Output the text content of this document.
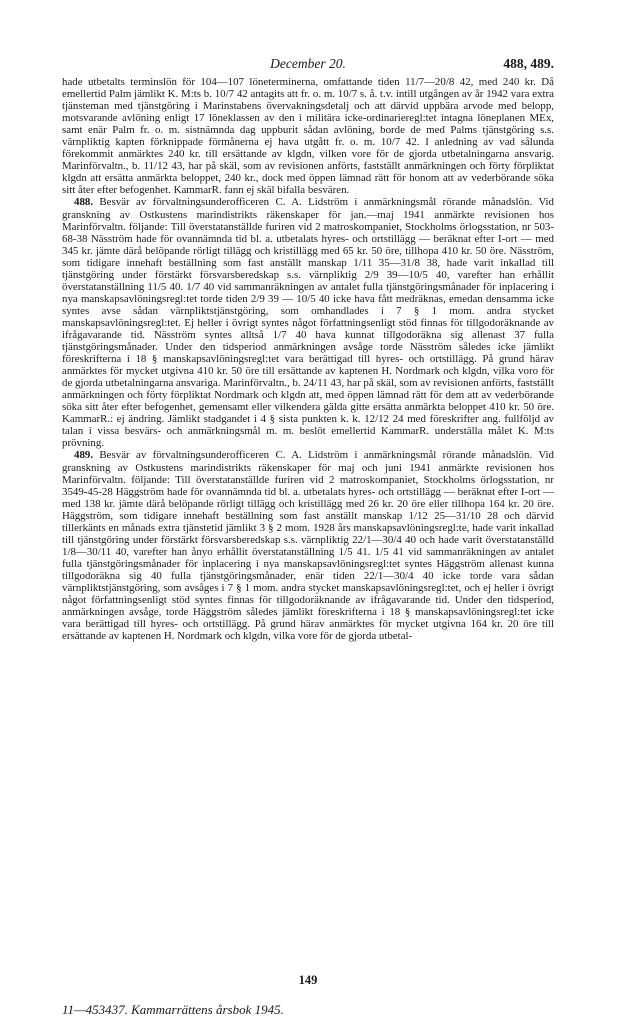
December 20.	488, 489.

hade utbetalts terminslön för 104—107 löneterminerna, omfattande tiden 11/7—20/8 42, med 240 kr. Då emellertid Palm jämlikt K. M:ts b. 10/7 42 antagits att fr. o. m. 10/7 s. å. t.v. intill utgången av år 1942 vara extra tjänsteman med tjänstgöring i Marinstabens övervakningsdetalj och att därvid uppbära arvode med belopp, motsvarande avlöning enligt 17 löneklassen av den i militära icke-ordinarieregl:tet intagna löneplanen MEx, samt enär Palm fr. o. m. sistnämnda dag uppburit sådan avlöning, borde de med Palms tjänstgöring s.s. värnpliktig kapten förknippade förmånerna ej hava utgått fr. o. m. 10/7 42. I anledning av vad sålunda förekommit anmärktes 240 kr. till ersättande av klgdn, vilken vore för de gjorda utbetalningarna ansvarig. Marinförvaltn., b. 11/12 43, har på skäl, som av revisionen anförts, fastställt anmärkningen och förty förpliktat klgdn att ersätta anmärkta beloppet, 240 kr., dock med öppen lämnad rätt för honom att av vederbörande söka sitt åter efter befogenhet. KammarR. fann ej skäl bifalla besvären.

488. Besvär av förvaltningsunderofficeren C. A. Lidström i anmärkningsmål rörande månadslön. Vid granskning av Ostkustens marindistrikts räkenskaper för jan.—maj 1941 anmärkte revisionen hos Marinförvaltn. följande: Till överstatanställde furiren vid 2 matroskompaniet, Stockholms örlogsstation, nr 503-68-38 Näsström hade för ovannämnda tid bl. a. utbetalats hyres- och ortstillägg — beräknat efter I-ort — med 345 kr. jämte därå belöpande rörligt tillägg och kristillägg med 65 kr. 50 öre, tillhopa 410 kr. 50 öre. Näsström, som tidigare innehaft beställning som fast anställt manskap 1/11 35—31/8 38, hade varit inkallad till tjänstgöring under förstärkt försvarsberedskap s.s. värnpliktig 2/9 39—10/5 40, varefter han erhållit överstatanställning 11/5 40. 1/7 40 vid sammanräkningen av antalet fulla tjänstgöringsmånader för inplacering i nya manskapsavlöningsregl:tet torde tiden 2/9 39 — 10/5 40 icke hava fått medräknas, emedan densamma icke syntes avse sådan värnpliktstjänstgöring, som omhandlades i 7 § 1 mom. andra stycket manskapsavlöningsregl:tet. Ej heller i övrigt syntes något författningsenligt stöd finnas för tillgodoräknande av ifrågavarande tid. Näsström syntes alltså 1/7 40 hava kunnat tillgodoräkna sig allenast 37 fulla tjänstgöringsmånader. Under den tidsperiod anmärkningen avsåge torde Näsström således icke jämlikt föreskrifterna i 18 § manskapsavlöningsregl:tet vara berättigad till hyres- och ortstillägg. På grund härav anmärktes för mycket utgivna 410 kr. 50 öre till ersättande av kaptenen H. Nordmark och klgdn, vilka voro för de gjorda utbetalningarna ansvariga. Marinförvaltn., b. 24/11 43, har på skäl, som av revisionen anförts, fastställt anmärkningen och förty förpliktat Nordmark och klgdn att, med öppen lämnad rätt för dem att av vederbörande söka sitt åter efter befogenhet, gemensamt eller vilkendera gälda gitte ersätta anmärkta beloppet 410 kr. 50 öre. KammarR.: ej ändring. Jämlikt stadgandet i 4 § sista punkten k. k. 12/12 24 med föreskrifter ang. fullföljd av talan i vissa besvärs- och anmärkningsmål m. m. beslöt emellertid KammarR. underställa målet K. M:ts prövning.

489. Besvär av förvaltningsunderofficeren C. A. Lidström i anmärkningsmål rörande månadslön. Vid granskning av Ostkustens marindistrikts räkenskaper för maj och juni 1941 anmärkte revisionen hos Marinförvaltn. följande: Till överstatanställde furiren vid 2 matroskompaniet, Stockholms örlogsstation, nr 3549-45-28 Häggström hade för ovannämnda tid bl. a. utbetalats hyres- och ortstillägg — beräknat efter I-ort — med 138 kr. jämte därå belöpande rörligt tillägg och kristillägg med 26 kr. 20 öre eller tillhopa 164 kr. 20 öre. Häggström, som tidigare innehaft beställning som fast anställt manskap 1/12 25—31/10 28 och därvid tillerkänts en månads extra tjänstetid jämlikt 3 § 2 mom. 1928 års manskapsavlöningsregl:te, hade varit inkallad till tjänstgöring under förstärkt försvarsberedskap s.s. värnpliktig 22/1—30/4 40 och hade varit överstatanställd 1/8—30/11 40, varefter han ånyo erhållit överstatanställning 1/5 41. 1/5 41 vid sammanräkningen av antalet fulla tjänstgöringsmånader för inplacering i nya manskapsavlöningsregl:tet syntes Häggström allenast kunna tillgodoräkna sig 40 fulla tjänstgöringsmånader, enär tiden 22/1—30/4 40 icke torde vara sådan värnpliktstjänstgöring, som avsåges i 7 § 1 mom. andra stycket manskapsavlöningsregl:tet, och ej heller i övrigt något författningsenligt stöd syntes finnas för tillgodoräknande av ifrågavarande tid. Under den tidsperiod, anmärkningen avsåge, torde Häggström således jämlikt föreskrifterna i 18 § manskapsavlöningsregl:tet icke vara berättigad till hyres- och ortstillägg. På grund härav anmärktes för mycket utgivna 164 kr. 20 öre till ersättande av kaptenen H. Nordmark och klgdn, vilka vore för de gjorda utbetal-

149
11—453437. Kammarrättens årsbok 1945.
